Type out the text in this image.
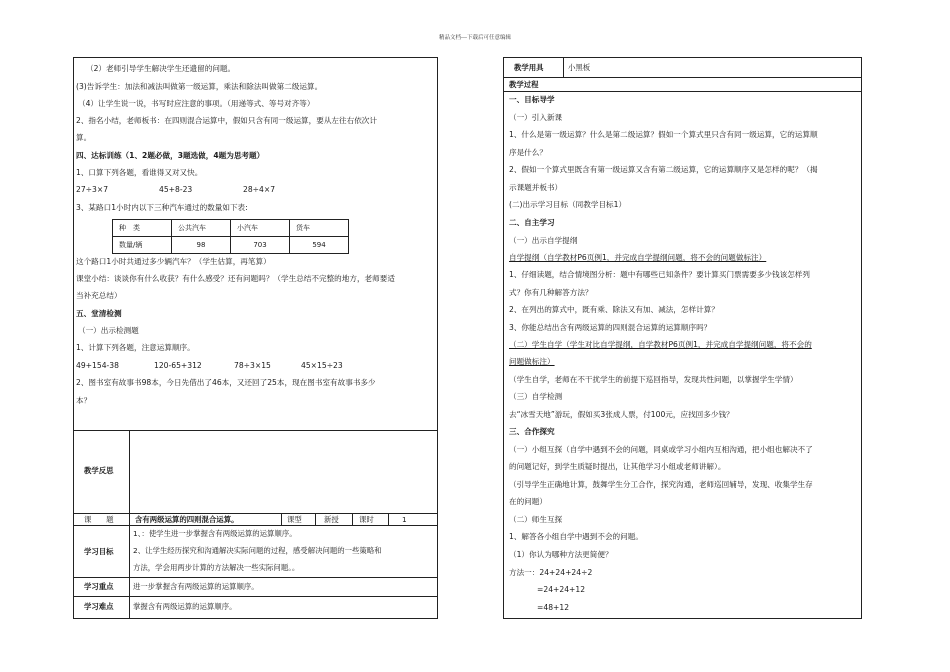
精品文档---下载后可任意编辑
（2）老师引导学生解决学生还遗留的问题。
(3)告诉学生：加法和减法叫做第一级运算，乘法和除法叫做第二级运算。
（4）让学生说一说，书写时应注意的事项。（用递等式、等号对齐等）
2、指名小结，老师板书：在四则混合运算中，假如只含有同一级运算，要从左往右依次计
算。
四、达标训练（1、2题必做，3题选做，4题为思考题）
1、口算下列各题，看谁得又对又快。
27÷3×7	45+8-23	28÷4×7
3、某路口1小时内以下三种汽车通过的数量如下表:
种　类	公共汽车	小汽车	货车
数量/辆	98	703	594
这个路口1小时共通过多少辆汽车？（学生估算，再笔算）
课堂小结：谈谈你有什么收获？有什么感受？还有问题吗？（学生总结不完整的地方，老师要适
当补充总结）
五、堂清检测
（一）出示检测题
1、计算下列各题，注意运算顺序。
49+154-38	120-65+312	78÷3×15	45×15÷23
2、图书室有故事书98本，今日先借出了46本，又还回了25本，现在图书室有故事书多少
本？
教学反思
课　　题	含有两级运算的四则混合运算。	课型	新授	课时	1
学习目标
1、：使学生进一步掌握含有两级运算的运算顺序。
2、让学生经历探究和沟通解决实际问题的过程，感受解决问题的一些策略和
方法，学会用两步计算的方法解决一些实际问题。。
学习重点	进一步掌握含有两级运算的运算顺序。
学习难点	掌握含有两级运算的运算顺序。
教学用具	小黑板
教学过程
一、目标导学
（一）引入新课
1、什么是第一级运算？什么是第二级运算？假如一个算式里只含有同一级运算，它的运算顺
序是什么？
2、假如一个算式里既含有第一级运算又含有第二级运算，它的运算顺序又是怎样的呢？（揭
示课题并板书）
(二)出示学习目标（同教学目标1）
二、自主学习
（一）出示自学提纲
自学提纲（自学教材P6页例1，并完成自学提纲问题，将不会的问题做标注）
1、仔细读题，结合情境图分析：题中有哪些已知条件？要计算买门票需要多少钱该怎样列
式？你有几种解答方法？
2、在列出的算式中，既有乘、除法又有加、减法，怎样计算？
3、你能总结出含有两级运算的四则混合运算的运算顺序吗？
（二）学生自学（学生对比自学提纲，自学教材P6页例1，并完成自学提纲问题，将不会的
问题做标注）
（学生自学，老师在不干扰学生的前提下巡回指导，发现共性问题，以掌握学生学情）
（三）自学检测
去“冰雪天地”游玩，假如买3张成人票，付100元，应找回多少钱？
三、合作探究
（一）小组互探（自学中遇到不会的问题，同桌或学习小组内互相沟通，把小组也解决不了
的问题记好，到学生质疑时提出，让其他学习小组或老师讲解）。
（引导学生正确地计算，鼓舞学生分工合作，探究沟通，老师巡回辅导，发现、收集学生存
在的问题）
（二）师生互探
1、解答各小组自学中遇到不会的问题。
（1）你认为哪种方法更简便？
方法一：24+24+24÷2
=24+24+12
=48+12
